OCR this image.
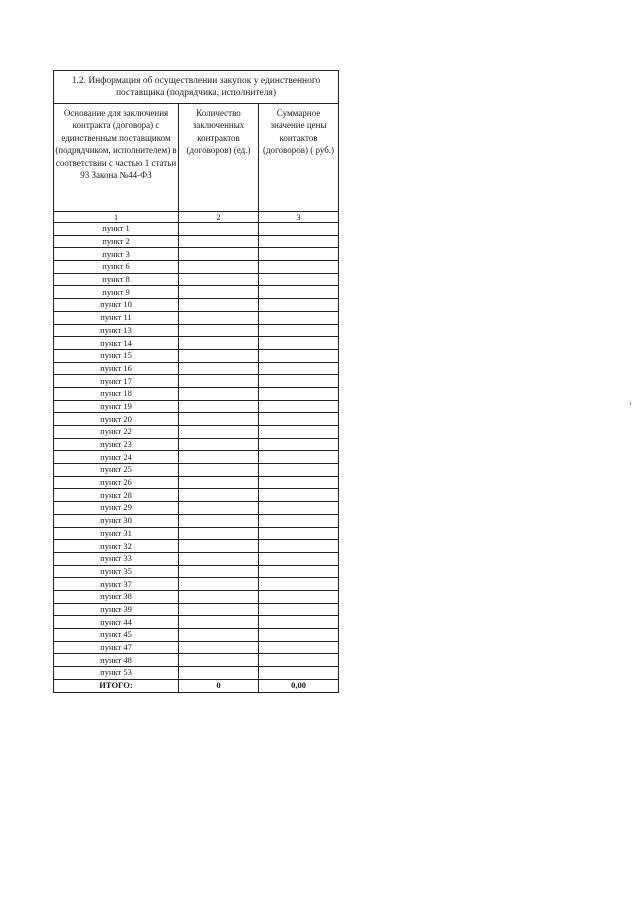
1.2. Информация об осуществлении закупок у единственного поставщика (подрядчика, исполнителя)		
Основание для заключения контракта (договора) с единственным поставщиком (подрядчиком, исполнителем) в соответствии с частью 1 статьи 93 Закона №44-ФЗ	Количество заключенных контрактов (договоров) (ед.)	Суммарное значение цены контактов (договоров) ( руб.)
1	2	3
пункт 1		
пункт 2		
пункт 3		
пункт 6		
пункт 8		
пункт 9		
пункт 10		
пункт 11		
пункт 13		
пункт 14		
пункт 15		
пункт 16		
пункт 17		
пункт 18		
пункт 19		
пункт 20		
пункт 22		
пункт 23		
пункт 24		
пункт 25		
пункт 26		
пункт 28		
пункт 29		
пункт 30		
пункт 31		
пункт 32		
пункт 33		
пункт 35		
пункт 37		
пункт 38		
пункт 39		
пункт 44		
пункт 45		
пункт 47		
пункт 48		
пункт 53		
ИТОГО:	0	0,00
